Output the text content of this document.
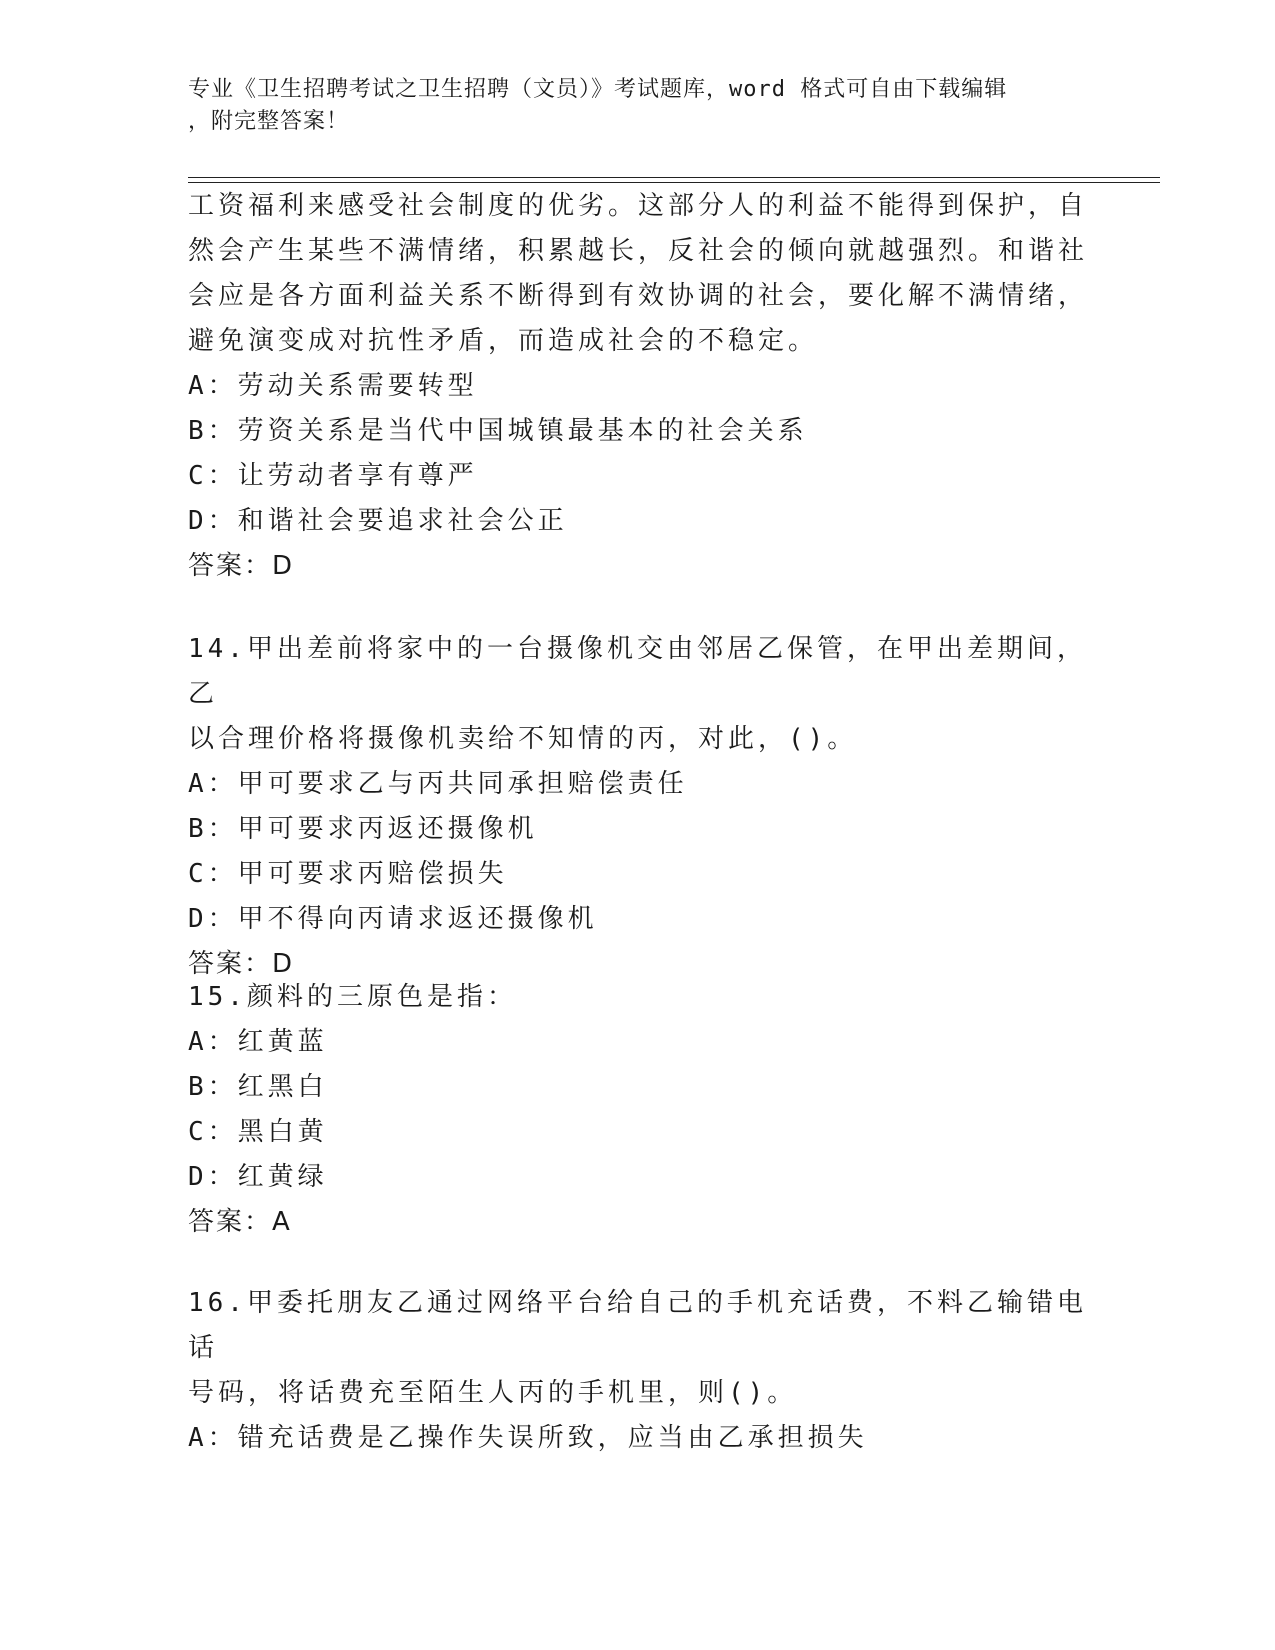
专业《卫生招聘考试之卫生招聘（文员）》考试题库，word 格式可自由下载编辑
，附完整答案！
工资福利来感受社会制度的优劣。这部分人的利益不能得到保护，自
然会产生某些不满情绪，积累越长，反社会的倾向就越强烈。和谐社
会应是各方面利益关系不断得到有效协调的社会，要化解不满情绪，
避免演变成对抗性矛盾，而造成社会的不稳定。
A：劳动关系需要转型
B：劳资关系是当代中国城镇最基本的社会关系
C：让劳动者享有尊严
D：和谐社会要追求社会公正
答案：D
14.甲出差前将家中的一台摄像机交由邻居乙保管，在甲出差期间，乙
以合理价格将摄像机卖给不知情的丙，对此，()。
A：甲可要求乙与丙共同承担赔偿责任
B：甲可要求丙返还摄像机
C：甲可要求丙赔偿损失
D：甲不得向丙请求返还摄像机
答案：D
15.颜料的三原色是指：
A：红黄蓝
B：红黑白
C：黑白黄
D：红黄绿
答案：A
16.甲委托朋友乙通过网络平台给自己的手机充话费，不料乙输错电话
号码，将话费充至陌生人丙的手机里，则()。
A：错充话费是乙操作失误所致，应当由乙承担损失
